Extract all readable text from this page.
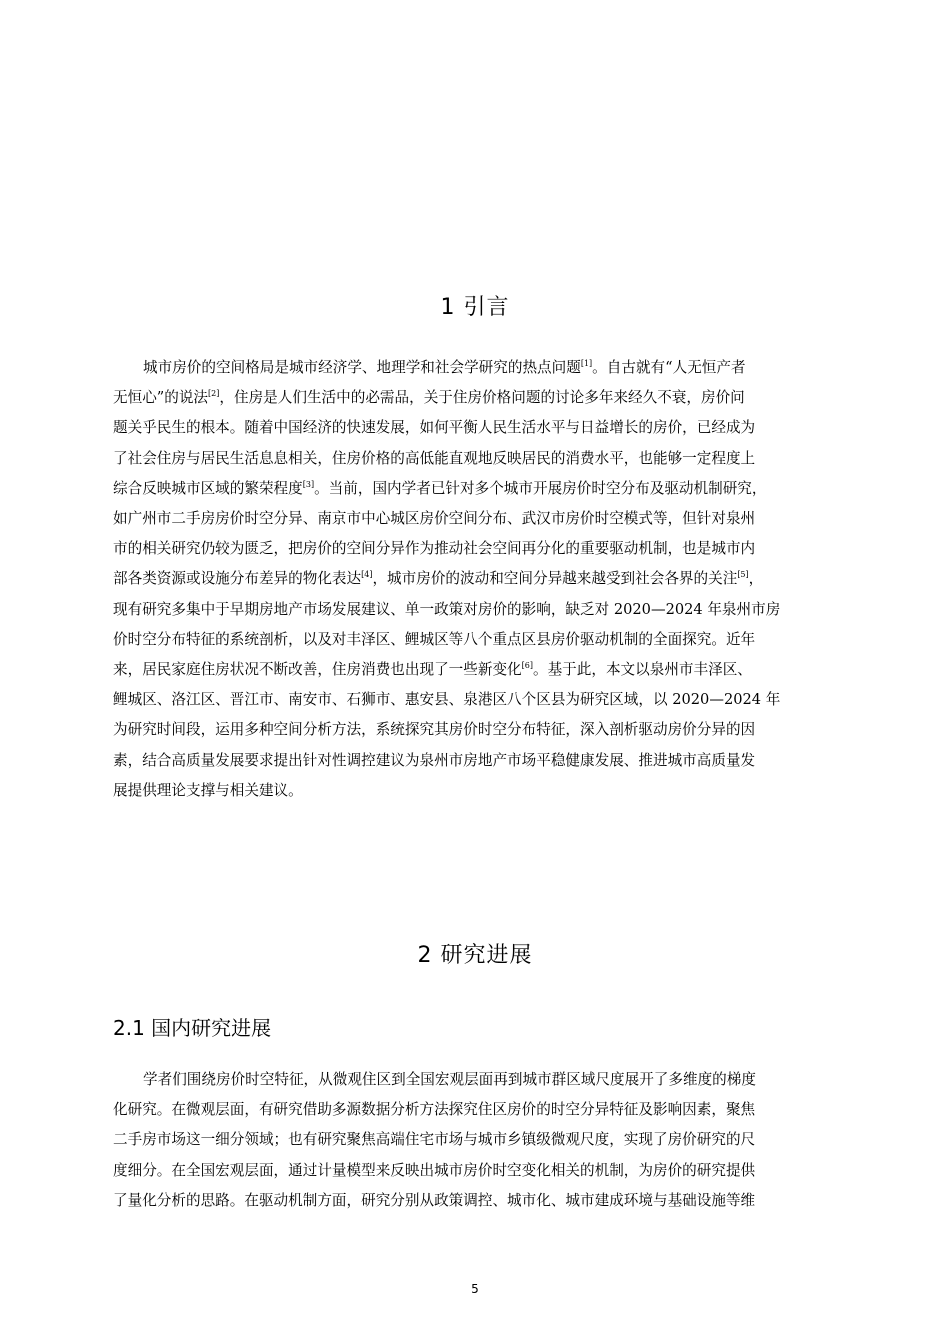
1 引言
城市房价的空间格局是城市经济学、地理学和社会学研究的热点问题[1]。自古就有“人无恒产者
无恒心”的说法[2]，住房是人们生活中的必需品，关于住房价格问题的讨论多年来经久不衰，房价问
题关乎民生的根本。随着中国经济的快速发展，如何平衡人民生活水平与日益增长的房价，已经成为
了社会住房与居民生活息息相关，住房价格的高低能直观地反映居民的消费水平，也能够一定程度上
综合反映城市区域的繁荣程度[3]。当前，国内学者已针对多个城市开展房价时空分布及驱动机制研究，
如广州市二手房房价时空分异、南京市中心城区房价空间分布、武汉市房价时空模式等，但针对泉州
市的相关研究仍较为匮乏，把房价的空间分异作为推动社会空间再分化的重要驱动机制，也是城市内
部各类资源或设施分布差异的物化表达[4]，城市房价的波动和空间分异越来越受到社会各界的关注[5]，
现有研究多集中于早期房地产市场发展建议、单一政策对房价的影响，缺乏对 2020—2024 年泉州市房
价时空分布特征的系统剖析，以及对丰泽区、鲤城区等八个重点区县房价驱动机制的全面探究。近年
来，居民家庭住房状况不断改善，住房消费也出现了一些新变化[6]。基于此，本文以泉州市丰泽区、
鲤城区、洛江区、晋江市、南安市、石狮市、惠安县、泉港区八个区县为研究区域，以 2020—2024 年
为研究时间段，运用多种空间分析方法，系统探究其房价时空分布特征，深入剖析驱动房价分异的因
素，结合高质量发展要求提出针对性调控建议为泉州市房地产市场平稳健康发展、推进城市高质量发
展提供理论支撑与相关建议。
2 研究进展
2.1 国内研究进展
学者们围绕房价时空特征，从微观住区到全国宏观层面再到城市群区域尺度展开了多维度的梯度
化研究。在微观层面，有研究借助多源数据分析方法探究住区房价的时空分异特征及影响因素，聚焦
二手房市场这一细分领域；也有研究聚焦高端住宅市场与城市乡镇级微观尺度，实现了房价研究的尺
度细分。在全国宏观层面，通过计量模型来反映出城市房价时空变化相关的机制，为房价的研究提供
了量化分析的思路。在驱动机制方面，研究分别从政策调控、城市化、城市建成环境与基础设施等维
5
